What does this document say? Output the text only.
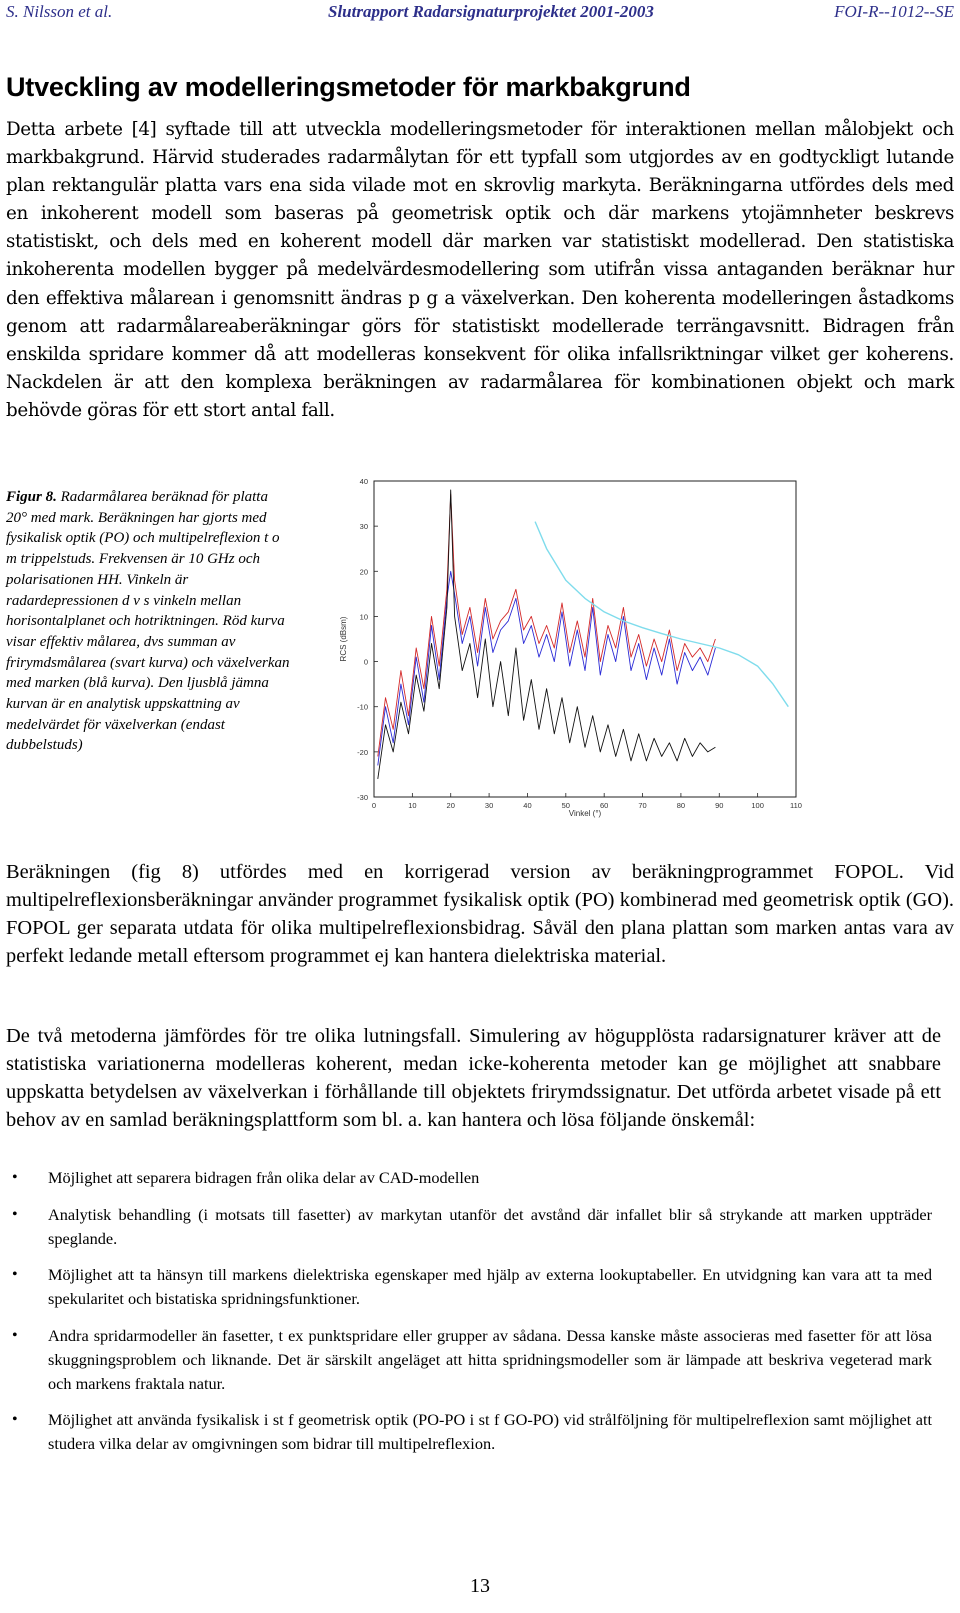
S. Nilsson et al.	Slutrapport Radarsignaturprojektet 2001-2003	FOI-R--1012--SE
Utveckling av modelleringsmetoder för markbakgrund

Detta arbete [4] syftade till att utveckla modelleringsmetoder för interaktionen mellan målobjekt och markbakgrund. Härvid studerades radarmålytan för ett typfall som utgjordes av en godtyckligt lutande plan rektangulär platta vars ena sida vilade mot en skrovlig markyta. Beräkningarna utfördes dels med en inkoherent modell som baseras på geometrisk optik och där markens ytojämnheter beskrevs statistiskt, och dels med en koherent modell där marken var statistiskt modellerad. Den statistiska inkoherenta modellen bygger på medelvärdesmodellering som utifrån vissa antaganden beräknar hur den effektiva målarean i genomsnitt ändras p g a växelverkan. Den koherenta modelleringen åstadkoms genom att radarmålareaberäkningar görs för statistiskt modellerade terrängavsnitt. Bidragen från enskilda spridare kommer då att modelleras konsekvent för olika infallsriktningar vilket ger koherens. Nackdelen är att den komplexa beräkningen av radarmålarea för kombinationen objekt och mark behövde göras för ett stort antal fall.

Figur 8. Radarmålarea beräknad för platta 20° med mark. Beräkningen har gjorts med fysikalisk optik (PO) och multipelreflexion t o m trippelstuds. Frekvensen är 10 GHz och polarisationen HH. Vinkeln är radardepressionen d v s vinkeln mellan horisontalplanet och hotriktningen. Röd kurva visar effektiv målarea, dvs summan av frirymdsmålarea (svart kurva) och växelverkan med marken (blå kurva). Den ljusblå jämna kurvan är en analytisk uppskattning av medelvärdet för växelverkan (endast dubbelstuds)

0	10	20	30	40	50	60	70	80	90	100	110
40
30
20
10
0
-10
-20
-30
Vinkel (°)
RCS (dBsm)

Beräkningen (fig 8) utfördes med en korrigerad version av beräkningprogrammet FOPOL. Vid multipelreflexionsberäkningar använder programmet fysikalisk optik (PO) kombinerad med geometrisk optik (GO). FOPOL ger separata utdata för olika multipelreflexionsbidrag. Såväl den plana plattan som marken antas vara av perfekt ledande metall eftersom programmet ej kan hantera dielektriska material.

De två metoderna jämfördes för tre olika lutningsfall. Simulering av högupplösta radarsignaturer kräver att de statistiska variationerna modelleras koherent, medan icke-koherenta metoder kan ge möjlighet att snabbare uppskatta betydelsen av växelverkan i förhållande till objektets frirymdssignatur. Det utförda arbetet visade på ett behov av en samlad beräkningsplattform som bl. a. kan hantera och lösa följande önskemål:

• Möjlighet att separera bidragen från olika delar av CAD-modellen
• Analytisk behandling (i motsats till fasetter) av markytan utanför det avstånd där infallet blir så strykande att marken uppträder speglande.
• Möjlighet att ta hänsyn till markens dielektriska egenskaper med hjälp av externa lookuptabeller. En utvidgning kan vara att ta med spekularitet och bistatiska spridningsfunktioner.
• Andra spridarmodeller än fasetter, t ex punktspridare eller grupper av sådana. Dessa kanske måste associeras med fasetter för att lösa skuggningsproblem och liknande. Det är särskilt angeläget att hitta spridningsmodeller som är lämpade att beskriva vegeterad mark och markens fraktala natur.
• Möjlighet att använda fysikalisk i st f geometrisk optik (PO-PO i st f GO-PO) vid strålföljning för multipelreflexion samt möjlighet att studera vilka delar av omgivningen som bidrar till multipelreflexion.
13
